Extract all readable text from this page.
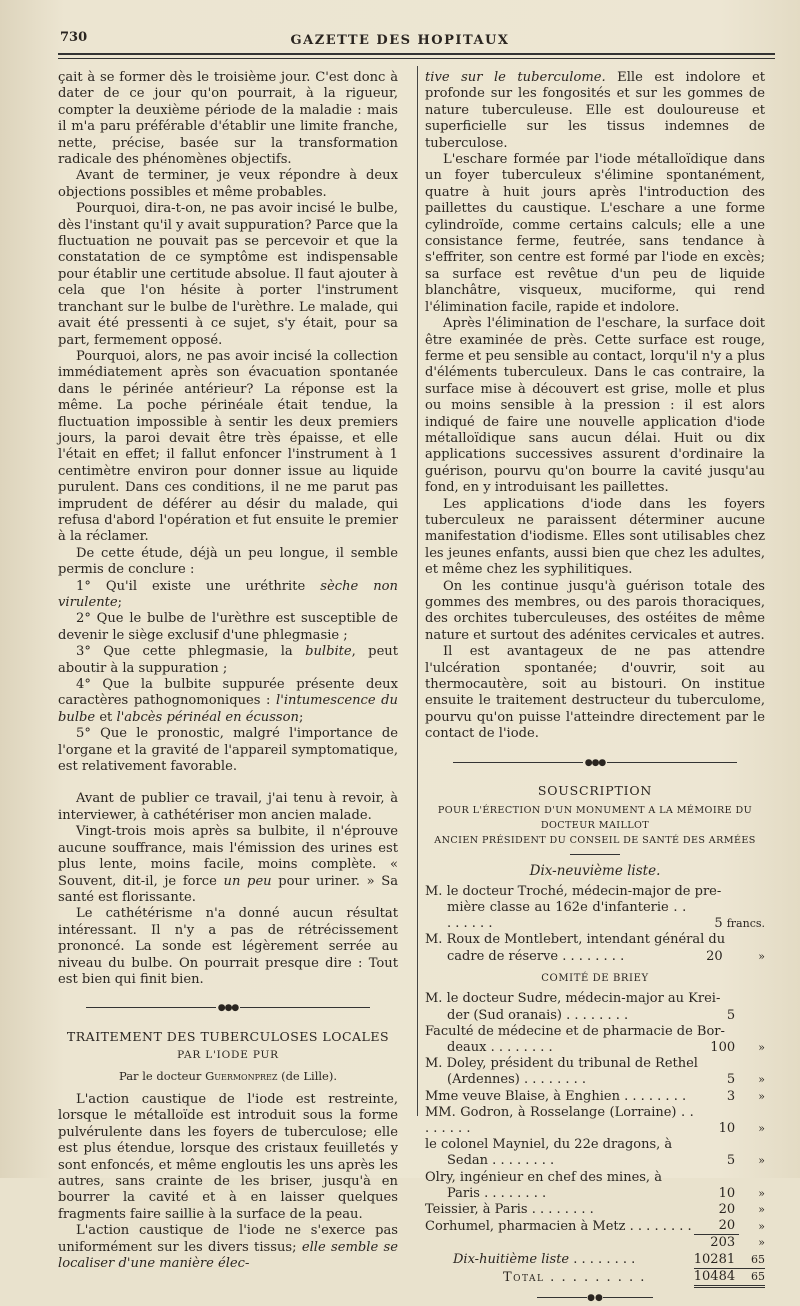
730	GAZETTE DES HOPITAUX

çait à se former dès le troisième jour. C'est donc à dater de ce jour qu'on pourrait, à la rigueur, compter la deuxième période de la maladie : mais il m'a paru préférable d'établir une limite franche, nette, précise, basée sur la transformation radicale des phénomènes objectifs.

Avant de terminer, je veux répondre à deux objections possibles et même probables.

Pourquoi, dira-t-on, ne pas avoir incisé le bulbe, dès l'instant qu'il y avait suppuration? Parce que la fluctuation ne pouvait pas se percevoir et que la constatation de ce symptôme est indispensable pour établir une certitude absolue. Il faut ajouter à cela que l'on hésite à porter l'instrument tranchant sur le bulbe de l'urèthre. Le malade, qui avait été pressenti à ce sujet, s'y était, pour sa part, fermement opposé.

Pourquoi, alors, ne pas avoir incisé la collection immédiatement après son évacuation spontanée dans le périnée antérieur? La réponse est la même. La poche périnéale était tendue, la fluctuation impossible à sentir les deux premiers jours, la paroi devait être très épaisse, et elle l'était en effet; il fallut enfoncer l'instrument à 1 centimètre environ pour donner issue au liquide purulent. Dans ces conditions, il ne me parut pas imprudent de déférer au désir du malade, qui refusa d'abord l'opération et fut ensuite le premier à la réclamer.

De cette étude, déjà un peu longue, il semble permis de conclure :

1° Qu'il existe une uréthrite sèche non virulente;

2° Que le bulbe de l'urèthre est susceptible de devenir le siège exclusif d'une phlegmasie ;

3° Que cette phlegmasie, la bulbite, peut aboutir à la suppuration ;

4° Que la bulbite suppurée présente deux caractères pathognomoniques : l'intumescence du bulbe et l'abcès périnéal en écusson;

5° Que le pronostic, malgré l'importance de l'organe et la gravité de l'appareil symptomatique, est relativement favorable.

Avant de publier ce travail, j'ai tenu à revoir, à interviewer, à cathétériser mon ancien malade.

Vingt-trois mois après sa bulbite, il n'éprouve aucune souffrance, mais l'émission des urines est plus lente, moins facile, moins complète. « Souvent, dit-il, je force un peu pour uriner. » Sa santé est florissante.

Le cathétérisme n'a donné aucun résultat intéressant. Il n'y a pas de rétrécissement prononcé. La sonde est légèrement serrée au niveau du bulbe. On pourrait presque dire : Tout est bien qui finit bien.

●●●
TRAITEMENT DES TUBERCULOSES LOCALES
PAR L'IODE PUR
Par le docteur Guermonprez (de Lille).

L'action caustique de l'iode est restreinte, lorsque le métalloïde est introduit sous la forme pulvérulente dans les foyers de tuberculose; elle est plus étendue, lorsque des cristaux feuilletés y sont enfoncés, et même engloutis les uns après les autres, sans crainte de les briser, jusqu'à en bourrer la cavité et à en laisser quelques fragments faire saillie à la surface de la peau.

L'action caustique de l'iode ne s'exerce pas uniformément sur les divers tissus; elle semble se localiser d'une manière élec-

tive sur le tuberculome. Elle est indolore et profonde sur les fongosités et sur les gommes de nature tuberculeuse. Elle est douloureuse et superficielle sur les tissus indemnes de tuberculose.

L'eschare formée par l'iode métalloïdique dans un foyer tuberculeux s'élimine spontanément, quatre à huit jours après l'introduction des paillettes du caustique. L'eschare a une forme cylindroïde, comme certains calculs; elle a une consistance ferme, feutrée, sans tendance à s'effriter, son centre est formé par l'iode en excès; sa surface est revêtue d'un peu de liquide blanchâtre, visqueux, muciforme, qui rend l'élimination facile, rapide et indolore.

Après l'élimination de l'eschare, la surface doit être examinée de près. Cette surface est rouge, ferme et peu sensible au contact, lorqu'il n'y a plus d'éléments tuberculeux. Dans le cas contraire, la surface mise à découvert est grise, molle et plus ou moins sensible à la pression : il est alors indiqué de faire une nouvelle application d'iode métalloïdique sans aucun délai. Huit ou dix applications successives assurent d'ordinaire la guérison, pourvu qu'on bourre la cavité jusqu'au fond, en y introduisant les paillettes.

Les applications d'iode dans les foyers tuberculeux ne paraissent déterminer aucune manifestation d'iodisme. Elles sont utilisables chez les jeunes enfants, aussi bien que chez les adultes, et même chez les syphilitiques.

On les continue jusqu'à guérison totale des gommes des membres, ou des parois thoraciques, des orchites tuberculeuses, des ostéites de même nature et surtout des adénites cervicales et autres.

Il est avantageux de ne pas attendre l'ulcération spontanée; d'ouvrir, soit au thermocautère, soit au bistouri. On institue ensuite le traitement destructeur du tuberculome, pourvu qu'on puisse l'atteindre directement par le contact de l'iode.

●●●
SOUSCRIPTION
POUR L'ÉRECTION D'UN MONUMENT A LA MÉMOIRE DU DOCTEUR MAILLOT
ANCIEN PRÉSIDENT DU CONSEIL DE SANTÉ DES ARMÉES
Dix-neuvième liste.
M. le docteur Troché, médecin-major de pre-		
mière classe au 162e d'infanterie . . . . . . . .	5	francs.
M. Roux de Montlebert, intendant général du		
cadre de réserve . . . . . . . .	20	»
COMITÉ DE BRIEY
M. le docteur Sudre, médecin-major au Krei-		
der (Sud oranais) . . . . . . . .	5	
Faculté de médecine et de pharmacie de Bor-		
deaux . . . . . . . .	100	»
M. Doley, président du tribunal de Rethel		
(Ardennes) . . . . . . . .	5	»
Mme veuve Blaise, à Enghien . . . . . . . .	3	»
MM. Godron, à Rosselange (Lorraine) . . . . . . . .	10	»
le colonel Mayniel, du 22e dragons, à		
Sedan . . . . . . . .	5	»
Olry, ingénieur en chef des mines, à		
Paris . . . . . . . .	10	»
Teissier, à Paris . . . . . . . .	20	»
Corhumel, pharmacien à Metz . . . . . . . .	20	»
	203	»
Dix-huitième liste . . . . . . . .	10281	65
Total . . . . . . . . .	10484	65
●●
